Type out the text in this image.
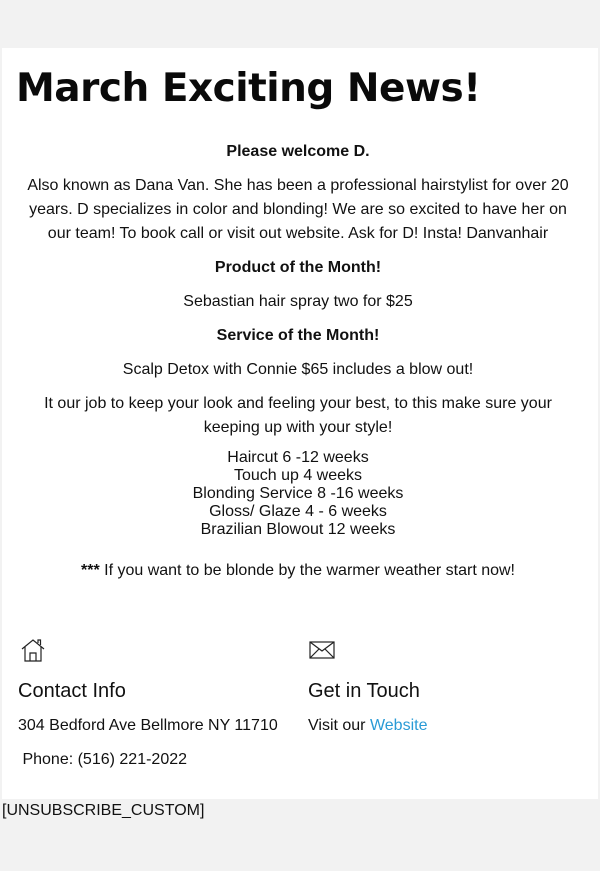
March Exciting News!

Please welcome D.

Also known as Dana Van. She has been a professional hairstylist for over 20 years. D specializes in color and blonding! We are so excited to have her on our team! To book call or visit out website. Ask for D! Insta! Danvanhair

Product of the Month!

Sebastian hair spray two for $25

Service of the Month!

Scalp Detox with Connie $65 includes a blow out!

It our job to keep your look and feeling your best, to this make sure your keeping up with your style!

Haircut 6 -12 weeks
Touch up 4 weeks
Blonding Service 8 -16 weeks
Gloss/ Glaze 4 - 6 weeks
Brazilian Blowout 12 weeks

*** If you want to be blonde by the warmer weather start now!

Contact Info

304 Bedford Ave Bellmore NY 11710

Phone: (516) 221-2022

Get in Touch

Visit our Website

[UNSUBSCRIBE_CUSTOM]
